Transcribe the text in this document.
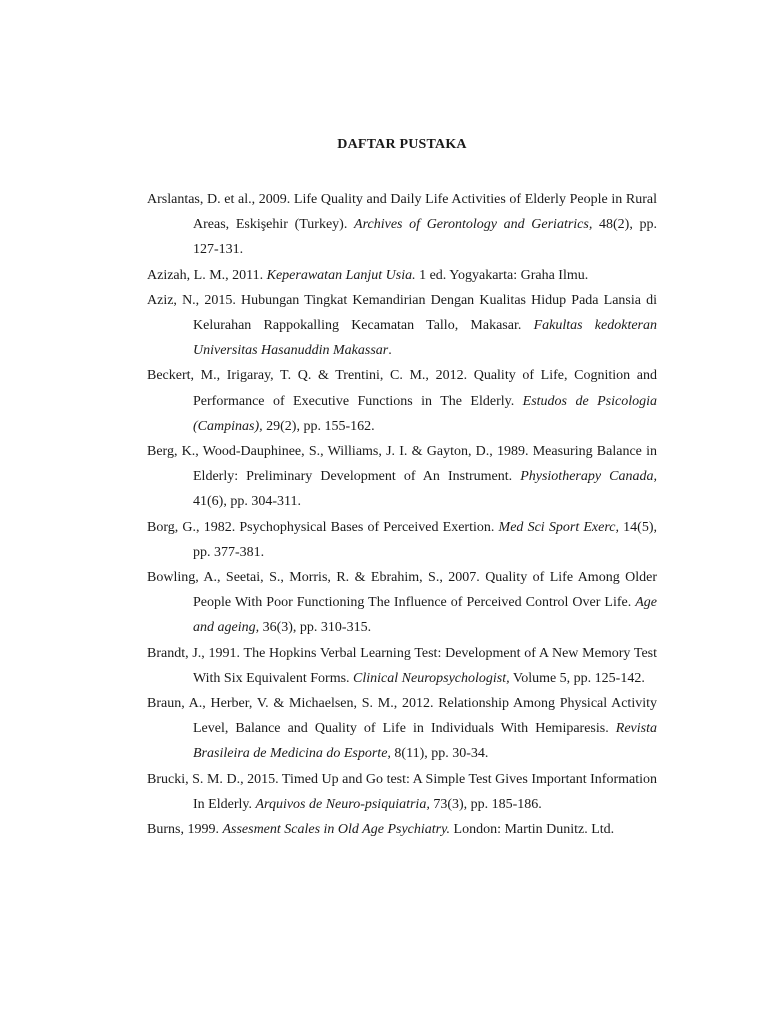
DAFTAR PUSTAKA
Arslantas, D. et al., 2009. Life Quality and Daily Life Activities of Elderly People in Rural Areas, Eskişehir (Turkey). Archives of Gerontology and Geriatrics, 48(2), pp. 127-131.
Azizah, L. M., 2011. Keperawatan Lanjut Usia. 1 ed. Yogyakarta: Graha Ilmu.
Aziz, N., 2015. Hubungan Tingkat Kemandirian Dengan Kualitas Hidup Pada Lansia di Kelurahan Rappokalling Kecamatan Tallo, Makasar. Fakultas kedokteran Universitas Hasanuddin Makassar.
Beckert, M., Irigaray, T. Q. & Trentini, C. M., 2012. Quality of Life, Cognition and Performance of Executive Functions in The Elderly. Estudos de Psicologia (Campinas), 29(2), pp. 155-162.
Berg, K., Wood-Dauphinee, S., Williams, J. I. & Gayton, D., 1989. Measuring Balance in Elderly: Preliminary Development of An Instrument. Physiotherapy Canada, 41(6), pp. 304-311.
Borg, G., 1982. Psychophysical Bases of Perceived Exertion. Med Sci Sport Exerc, 14(5), pp. 377-381.
Bowling, A., Seetai, S., Morris, R. & Ebrahim, S., 2007. Quality of Life Among Older People With Poor Functioning The Influence of Perceived Control Over Life. Age and ageing, 36(3), pp. 310-315.
Brandt, J., 1991. The Hopkins Verbal Learning Test: Development of A New Memory Test With Six Equivalent Forms. Clinical Neuropsychologist, Volume 5, pp. 125-142.
Braun, A., Herber, V. & Michaelsen, S. M., 2012. Relationship Among Physical Activity Level, Balance and Quality of Life in Individuals With Hemiparesis. Revista Brasileira de Medicina do Esporte, 8(11), pp. 30-34.
Brucki, S. M. D., 2015. Timed Up and Go test: A Simple Test Gives Important Information In Elderly. Arquivos de Neuro-psiquiatria, 73(3), pp. 185-186.
Burns, 1999. Assesment Scales in Old Age Psychiatry. London: Martin Dunitz. Ltd.
